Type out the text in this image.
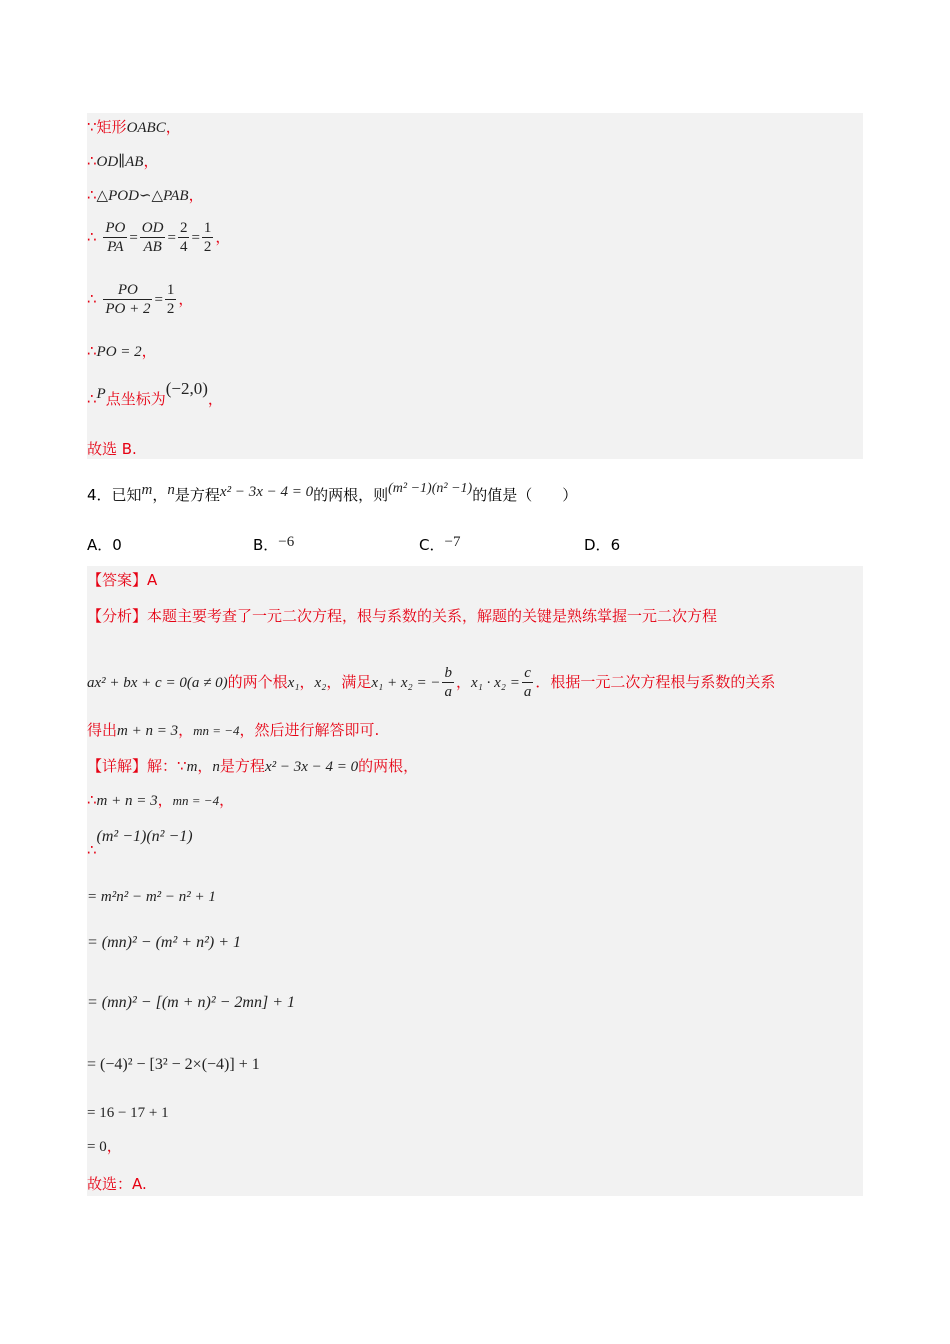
∵矩形OABC，
∴OD∥AB，
∴△POD∽△PAB，
∴ $\frac{PO}{PA} = \frac{OD}{AB} = \frac{2}{4} = \frac{1}{2}$ ，
∴ $\frac{PO}{PO + 2} = \frac{1}{2}$ ，
∴PO = 2，
∴P点坐标为(−2,0)，
故选 B.
4．已知m，n是方程x² − 3x − 4 = 0的两根，则(m² −1)(n² −1)的值是（　　）
A．0	B．−6	C．−7	D．6
【答案】A
【分析】本题主要考查了一元二次方程，根与系数的关系，解题的关键是熟练掌握一元二次方程
ax² + bx + c = 0(a ≠ 0)的两个根x₁，x₂，满足x₁ + x₂ = − $\frac{b}{a}$ ，$x_1 \cdot x_2 = \frac{c}{a}$ ．根据一元二次方程根与系数的关系
得出m + n = 3，mn = −4，然后进行解答即可.
【详解】解：∵m，n是方程x² − 3x − 4 = 0的两根，
∴m + n = 3，mn = −4，
∴(m² −1)(n² −1)
= m²n² − m² − n² + 1
= (mn)² − (m² + n²) + 1
= (mn)² − [(m + n)² − 2mn] + 1
= (−4)² − [3² − 2×(−4)] + 1
= 16 − 17 + 1
= 0，
故选：A.
